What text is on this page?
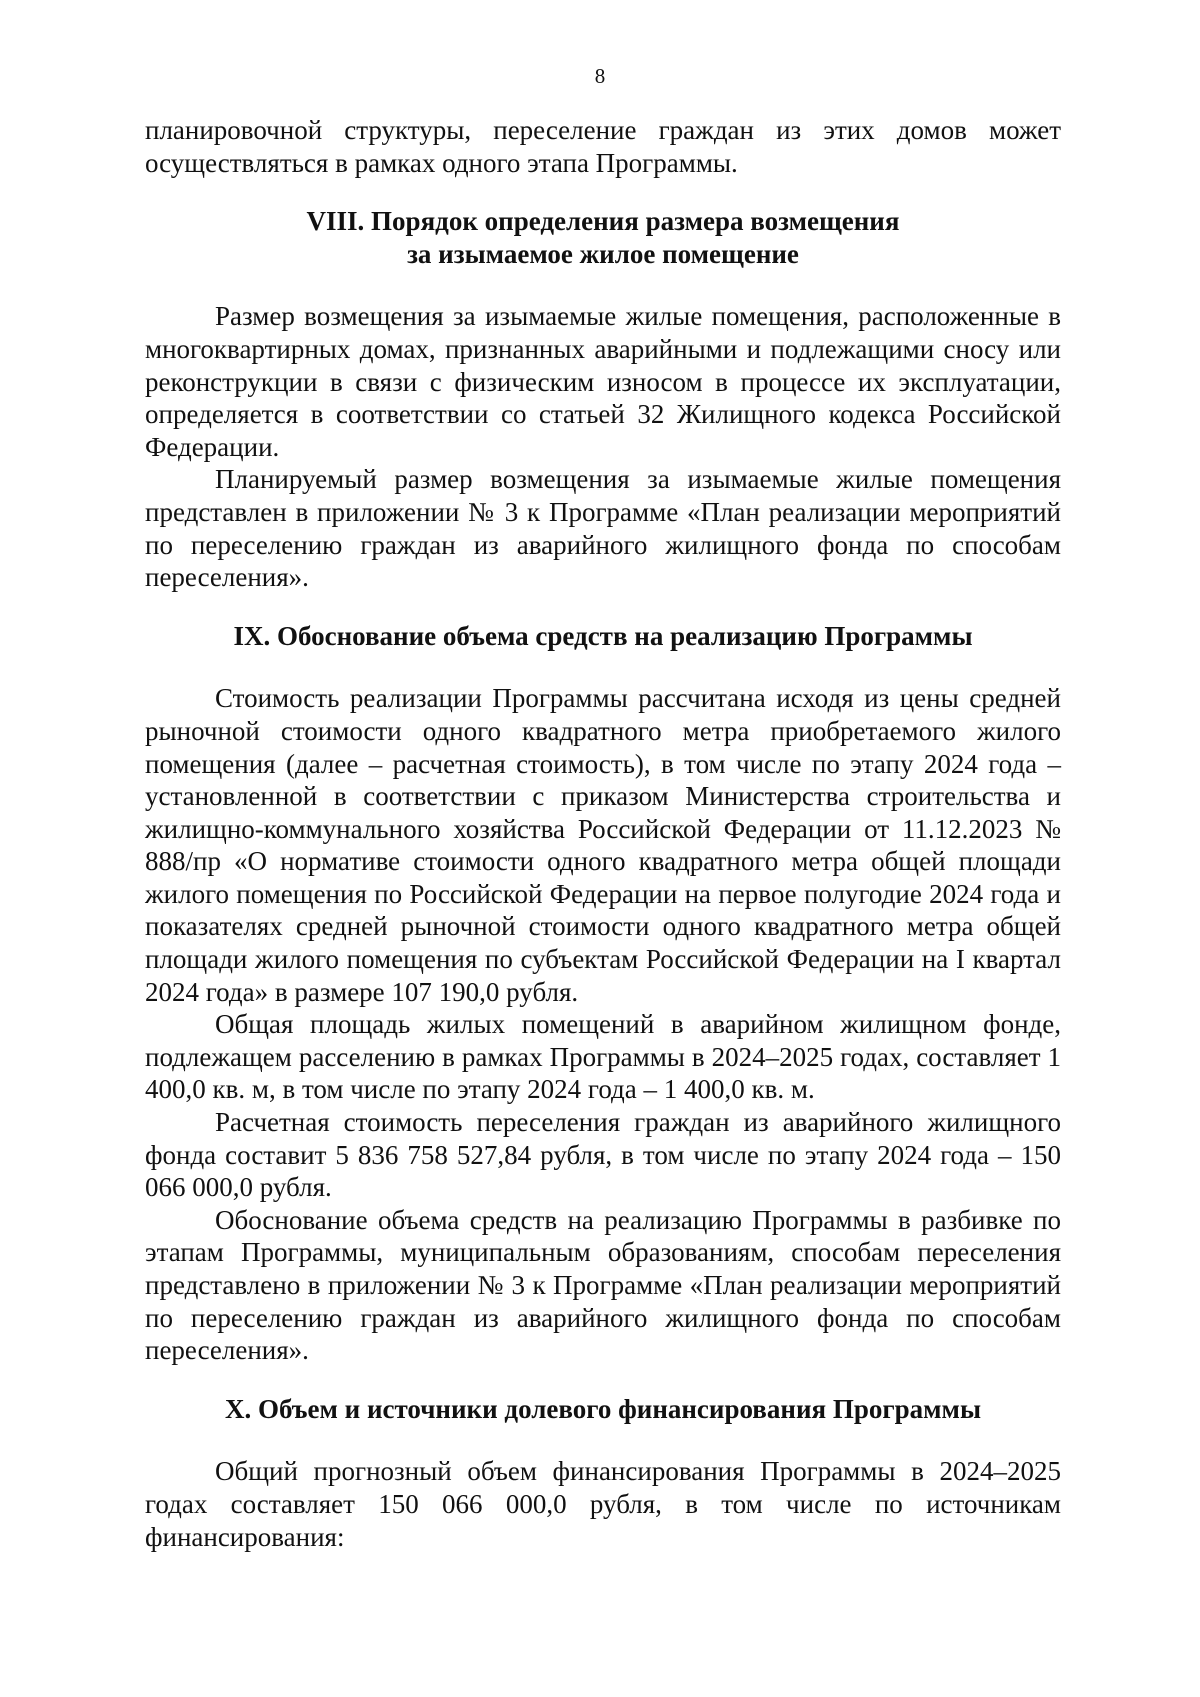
8

планировочной структуры, переселение граждан из этих домов может осуществляться в рамках одного этапа Программы.

VIII. Порядок определения размера возмещения
за изымаемое жилое помещение

Размер возмещения за изымаемые жилые помещения, расположенные в многоквартирных домах, признанных аварийными и подлежащими сносу или реконструкции в связи с физическим износом в процессе их эксплуатации, определяется в соответствии со статьей 32 Жилищного кодекса Российской Федерации.

Планируемый размер возмещения за изымаемые жилые помещения представлен в приложении № 3 к Программе «План реализации мероприятий по переселению граждан из аварийного жилищного фонда по способам переселения».

IX. Обоснование объема средств на реализацию Программы

Стоимость реализации Программы рассчитана исходя из цены средней рыночной стоимости одного квадратного метра приобретаемого жилого помещения (далее – расчетная стоимость), в том числе по этапу 2024 года – установленной в соответствии с приказом Министерства строительства и жилищно-коммунального хозяйства Российской Федерации от 11.12.2023 № 888/пр «О нормативе стоимости одного квадратного метра общей площади жилого помещения по Российской Федерации на первое полугодие 2024 года и показателях средней рыночной стоимости одного квадратного метра общей площади жилого помещения по субъектам Российской Федерации на I квартал 2024 года» в размере 107 190,0 рубля.

Общая площадь жилых помещений в аварийном жилищном фонде, подлежащем расселению в рамках Программы в 2024–2025 годах, составляет 1 400,0 кв. м, в том числе по этапу 2024 года – 1 400,0 кв. м.

Расчетная стоимость переселения граждан из аварийного жилищного фонда составит 5 836 758 527,84 рубля, в том числе по этапу 2024 года – 150 066 000,0 рубля.

Обоснование объема средств на реализацию Программы в разбивке по этапам Программы, муниципальным образованиям, способам переселения представлено в приложении № 3 к Программе «План реализации мероприятий по переселению граждан из аварийного жилищного фонда по способам переселения».

X. Объем и источники долевого финансирования Программы

Общий прогнозный объем финансирования Программы в 2024–2025 годах составляет 150 066 000,0 рубля, в том числе по источникам финансирования:
